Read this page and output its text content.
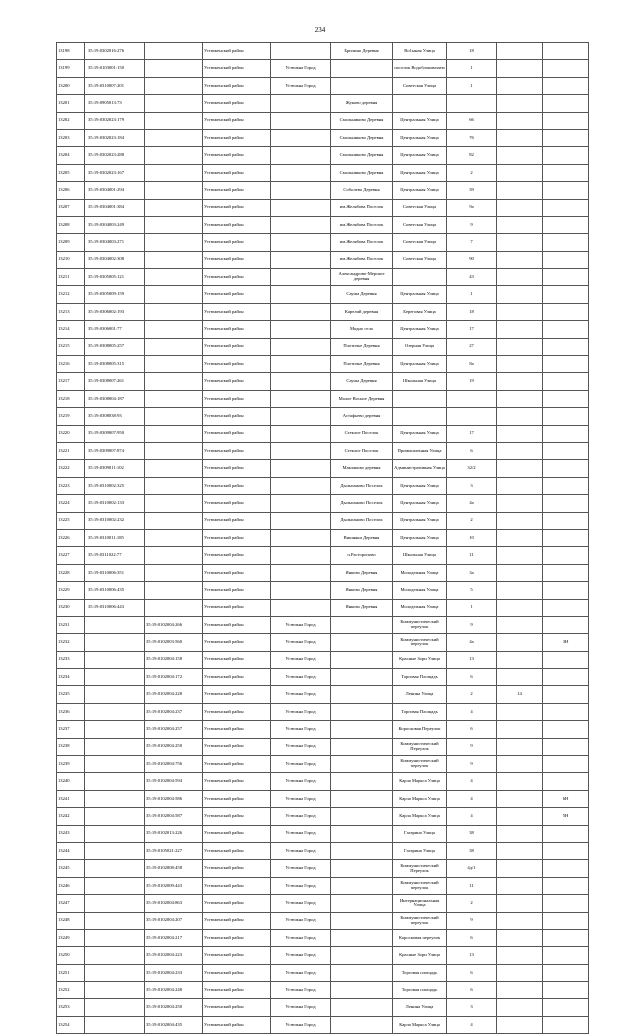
234
13198	35:19:0302016:276		Устюженский район		Брилино Деревня	Во1ыная Улица	18		
13199	35:19:0103001:150		Устюженский район	Устюжна Город		поселок Водоблонимзаем	1		
13200	35:19:0310007:201		Устюженский район	Устюжна Город		Советская Улица	1		
13201	35:19:0905013:73		Устюженский район		Жуково деревня				
13202	35:19:0302023:179		Устюженский район		Смольниково Деревня	Центральная Улица	66		
13203	35:19:0302023:184		Устюженский район		Смольниково Деревня	Центральная Улица	76		
13204	35:19:0302023:288		Устюженский район		Смольниково Деревня	Центральная Улица	82		
13205	35:19:0302023:167		Устюженский район		Смольниково Деревня	Центральная Улица	2		
13206	35:19:0304001:294		Устюженский район		Соболево Деревня	Центральная Улица	39		
13207	35:19:0304001:384		Устюженский район		им.Желябова Поселок	Советская Улица	9а		
13208	35:19:0304003:249		Устюженский район		им.Желябова Поселок	Советская Улица	9		
13209	35:19:0304003:271		Устюженский район		им.Желябова Поселок	Советская Улица	7		
13210	35:19:0304002:308		Устюженский район		им.Желябова Поселок	Советская Улица	90		
13211	35:19:0305005:121		Устюженский район		Александрово-Мерское деревня		43		
13212	35:19:0305009:159		Устюженский район		Сауша Деревня	Центральная Улица	1		
13213	35:19:0306002:193		Устюженский район		Карелий деревня	Береговая Улица	18		
13214	35:19:0306001:77		Устюженский район		Модно село	Центральная Улица	17		
13215	35:19:0308005:257		Устюженский район		Плотичье Деревня	Озерная Улица	27		
13216	35:19:0308005:315		Устюженский район		Плотичье Деревня	Центральная Улица	8а		
13217	35:19:0308007:261		Устюженский район		Сауша Деревня	Школьная Улица	19		
13218	35:19:0308004:187		Устюженский район		Малое Восное Деревня				
13219	35:19:0308038:93		Устюженский район		Астафьево деревня				
13220	35:19:0309007:950		Устюженский район		Стеклое Поселок	Центральная Улица	17		
13221	35:19:0309007:874		Устюженский район		Стеклое Поселок	Промышленная Улица	6		
13222	35:19:0309011:102		Устюженский район		Маклаково деревня	Административная Улица	32/2		
13223	35:19:0310002:325		Устюженский район		Дыльпаново Поселок	Центральная Улица	3		
13224	35:19:0310002:133		Устюженский район		Дыльпаново Поселок	Центральная Улица	4а		
13225	35:19:0310002:232		Устюженский район		Дыльпаново Поселок	Центральная Улица	2		
13226	35:19:0310011:185		Устюженский район		Вишняки Деревня	Центральная Улица	10		
13227	35:19:0311022:77		Устюженский район		п.Расторопово	Школьная Улица	11		
13228	35:19:0310006:351		Устюженский район		Янково Деревня	Молодежная Улица	3а		
13229	35:19:0310006:435		Устюженский район		Янково Деревня	Молодежная Улица	5		
13230	35:19:0310006:443		Устюженский район		Янково Деревня	Молодежная Улица	1		
13231		35:19:0102004:266	Устюженский район	Устюжна Город		Коммунистический переулок	9		
13232		35:19:0102003:560	Устюженский район	Устюжна Город		Коммунистический переулок	4а		3Н
13233		35:19:0102004:158	Устюженский район	Устюжна Город		Красные Зори Улица	13		
13234		35:19:0102004:172	Устюженский район	Устюжна Город		Торговая Площадь	6		
13235		35:19:0102004:228	Устюженский район	Устюжна Город		Ленина Улица	2	14	
13236		35:19:0102004:237	Устюженский район	Устюжна Город		Торговая Площадь	4		
13237		35:19:0102004:257	Устюженский район	Устюжна Город		Коросковая Переулок	6		
13238		35:19:0102004:250	Устюженский район	Устюжна Город		Коммунистический Переулок	9		
13239		35:19:0102004:756	Устюженский район	Устюжна Город		Коммунистический переулок	9		
13240		35:19:0102004:594	Устюженский район	Устюжна Город		Карла Маркса Улица	4		
13241		35:19:0102004:586	Устюженский район	Устюжна Город		Карла Маркса Улица	4		6Н
13242		35:19:0102004:587	Устюженский район	Устюжна Город		Карла Маркса Улица	4		5Н
13243		35:19:0102013:226	Устюженский район	Устюжна Город		Гагарина Улица	38		
13244		35:19:0105021:227	Устюженский район	Устюжна Город		Гагарина Улица	38		
13245		35:19:0102008:458	Устюженский район	Устюжна Город		Коммунистический Переулок	4д/1		
13246		35:19:0102009:443	Устюженский район	Устюжна Город		Коммунистический переулок	11		
13247		35:19:0102004:863	Устюженский район	Устюжна Город		Интернациональная Улица	2		
13248		35:19:0102004:207	Устюженский район	Устюжна Город		Коммунистический переулок	9		
13249		35:19:0102004:217	Устюженский район	Устюжна Город		Коросковая переулок	6		
13250		35:19:0102004:223	Устюженский район	Устюжна Город		Красные Зори Улица	13		
13251		35:19:0102004:233	Устюженский район	Устюжна Город		Торговая площадь	6		
13252		35:19:0102004:248	Устюженский район	Устюжна Город		Торговая площадь	6		
13253		35:19:0102004:250	Устюженский район	Устюжна Город		Ленина Улица	3		
13254		35:19:0102004:435	Устюженский район	Устюжна Город		Карла Маркса Улица	4		
